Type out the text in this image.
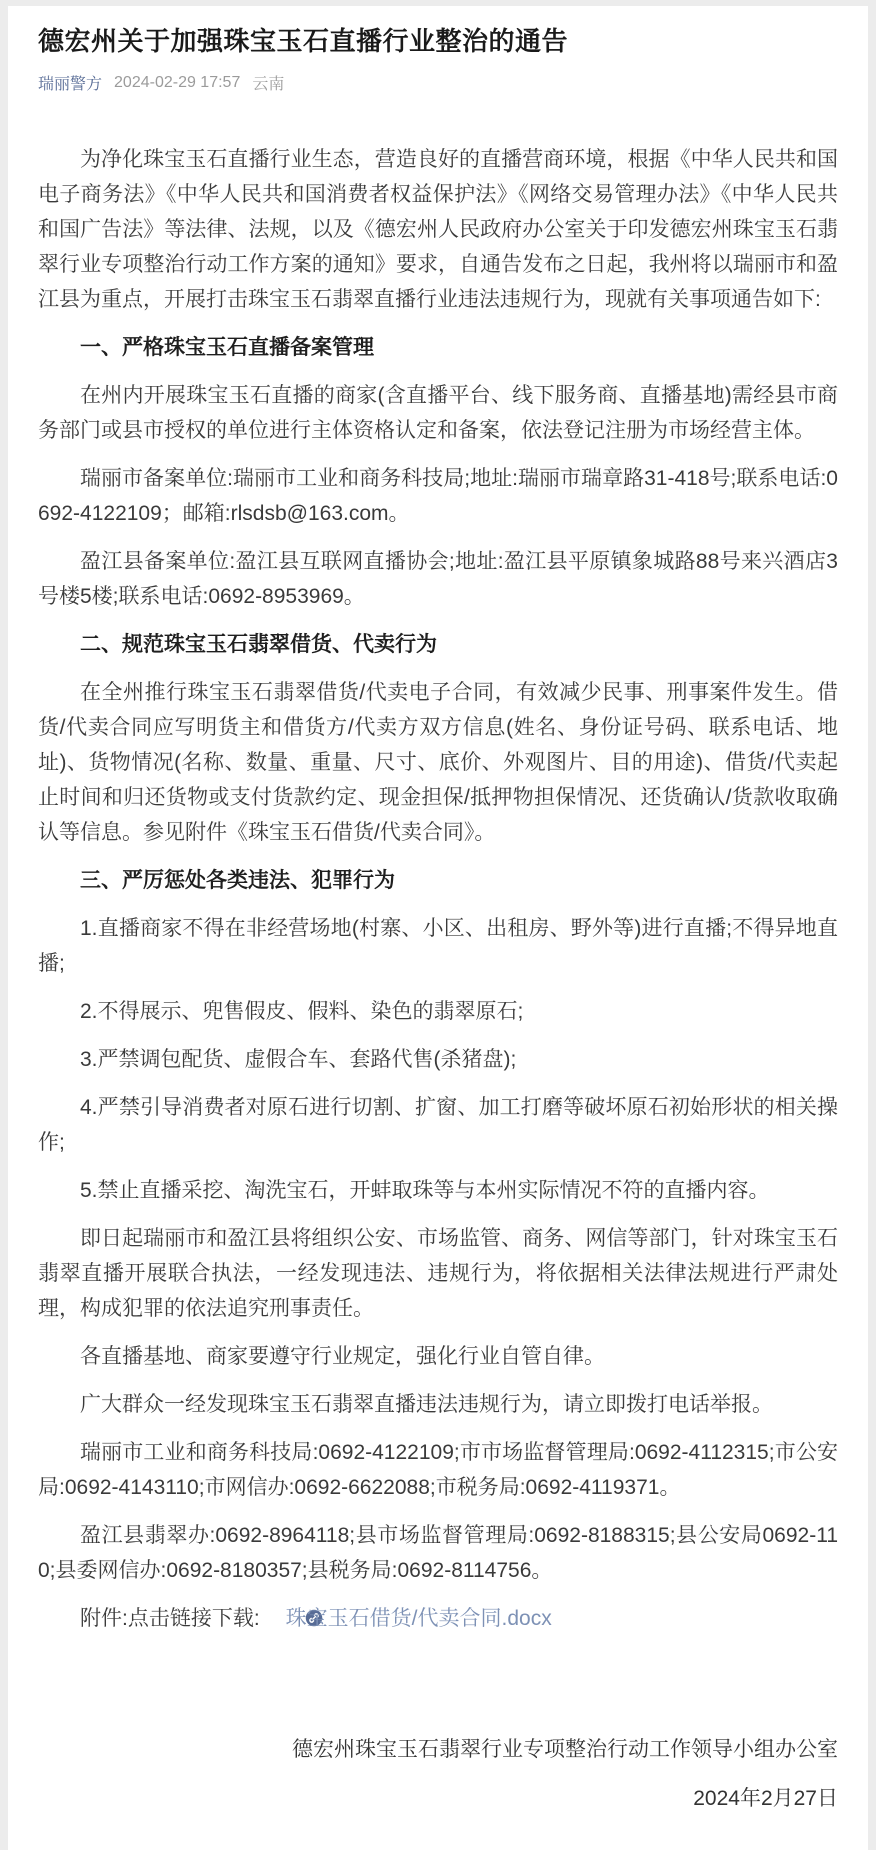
德宏州关于加强珠宝玉石直播行业整治的通告
瑞丽警方 2024-02-29 17:57 云南

为净化珠宝玉石直播行业生态，营造良好的直播营商环境，根据《中华人民共和国电子商务法》《中华人民共和国消费者权益保护法》《网络交易管理办法》《中华人民共和国广告法》等法律、法规，以及《德宏州人民政府办公室关于印发德宏州珠宝玉石翡翠行业专项整治行动工作方案的通知》要求，自通告发布之日起，我州将以瑞丽市和盈江县为重点，开展打击珠宝玉石翡翠直播行业违法违规行为，现就有关事项通告如下:

一、严格珠宝玉石直播备案管理

在州内开展珠宝玉石直播的商家(含直播平台、线下服务商、直播基地)需经县市商务部门或县市授权的单位进行主体资格认定和备案，依法登记注册为市场经营主体。

瑞丽市备案单位:瑞丽市工业和商务科技局;地址:瑞丽市瑞章路31-418号;联系电话:0692-4122109；邮箱:rlsdsb@163.com。

盈江县备案单位:盈江县互联网直播协会;地址:盈江县平原镇象城路88号来兴酒店3号楼5楼;联系电话:0692-8953969。

二、规范珠宝玉石翡翠借货、代卖行为

在全州推行珠宝玉石翡翠借货/代卖电子合同，有效减少民事、刑事案件发生。借货/代卖合同应写明货主和借货方/代卖方双方信息(姓名、身份证号码、联系电话、地址)、货物情况(名称、数量、重量、尺寸、底价、外观图片、目的用途)、借货/代卖起止时间和归还货物或支付货款约定、现金担保/抵押物担保情况、还货确认/货款收取确认等信息。参见附件《珠宝玉石借货/代卖合同》。

三、严厉惩处各类违法、犯罪行为

1.直播商家不得在非经营场地(村寨、小区、出租房、野外等)进行直播;不得异地直播;

2.不得展示、兜售假皮、假料、染色的翡翠原石;

3.严禁调包配货、虚假合车、套路代售(杀猪盘);

4.严禁引导消费者对原石进行切割、扩窗、加工打磨等破坏原石初始形状的相关操作;

5.禁止直播采挖、淘洗宝石，开蚌取珠等与本州实际情况不符的直播内容。

即日起瑞丽市和盈江县将组织公安、市场监管、商务、网信等部门，针对珠宝玉石翡翠直播开展联合执法，一经发现违法、违规行为，将依据相关法律法规进行严肃处理，构成犯罪的依法追究刑事责任。

各直播基地、商家要遵守行业规定，强化行业自管自律。

广大群众一经发现珠宝玉石翡翠直播违法违规行为，请立即拨打电话举报。

瑞丽市工业和商务科技局:0692-4122109;市市场监督管理局:0692-4112315;市公安局:0692-4143110;市网信办:0692-6622088;市税务局:0692-4119371。

盈江县翡翠办:0692-8964118;县市场监督管理局:0692-8188315;县公安局0692-110;县委网信办:0692-8180357;县税务局:0692-8114756。

附件:点击链接下载: 珠宝玉石借货/代卖合同.docx

德宏州珠宝玉石翡翠行业专项整治行动工作领导小组办公室

2024年2月27日
